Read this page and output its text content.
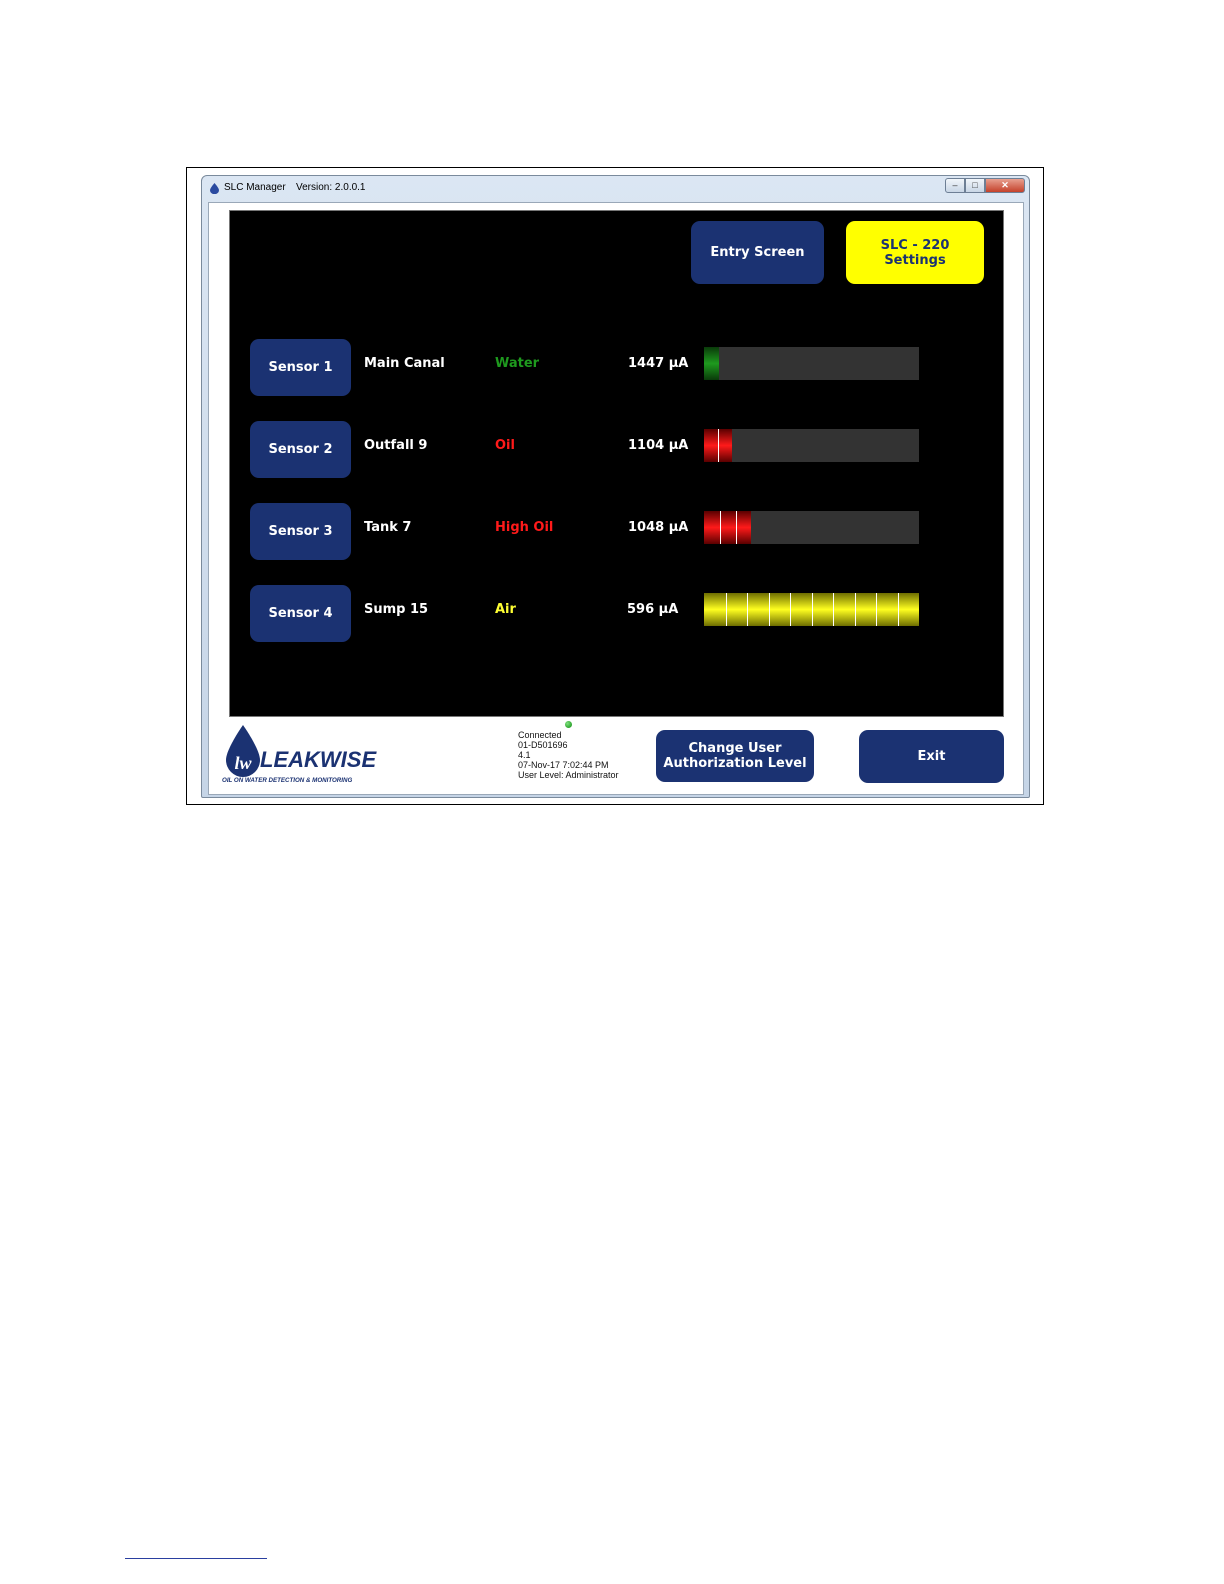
SLC Manager Version: 2.0.0.1	–	□	✕
Entry Screen	SLC - 220
Settings
Sensor 1 Main Canal	Water	1447 µA
Sensor 2 Outfall 9	Oil	1104 µA
Sensor 3 Tank 7	High Oil	1048 µA
Sensor 4 Sump 15	Air	596 µA
lw LEAKWISE
OIL ON WATER DETECTION & MONITORING
Connected
01-D501696
4.1
07-Nov-17 7:02:44 PM
User Level: Administrator
Change User
Authorization Level	Exit
